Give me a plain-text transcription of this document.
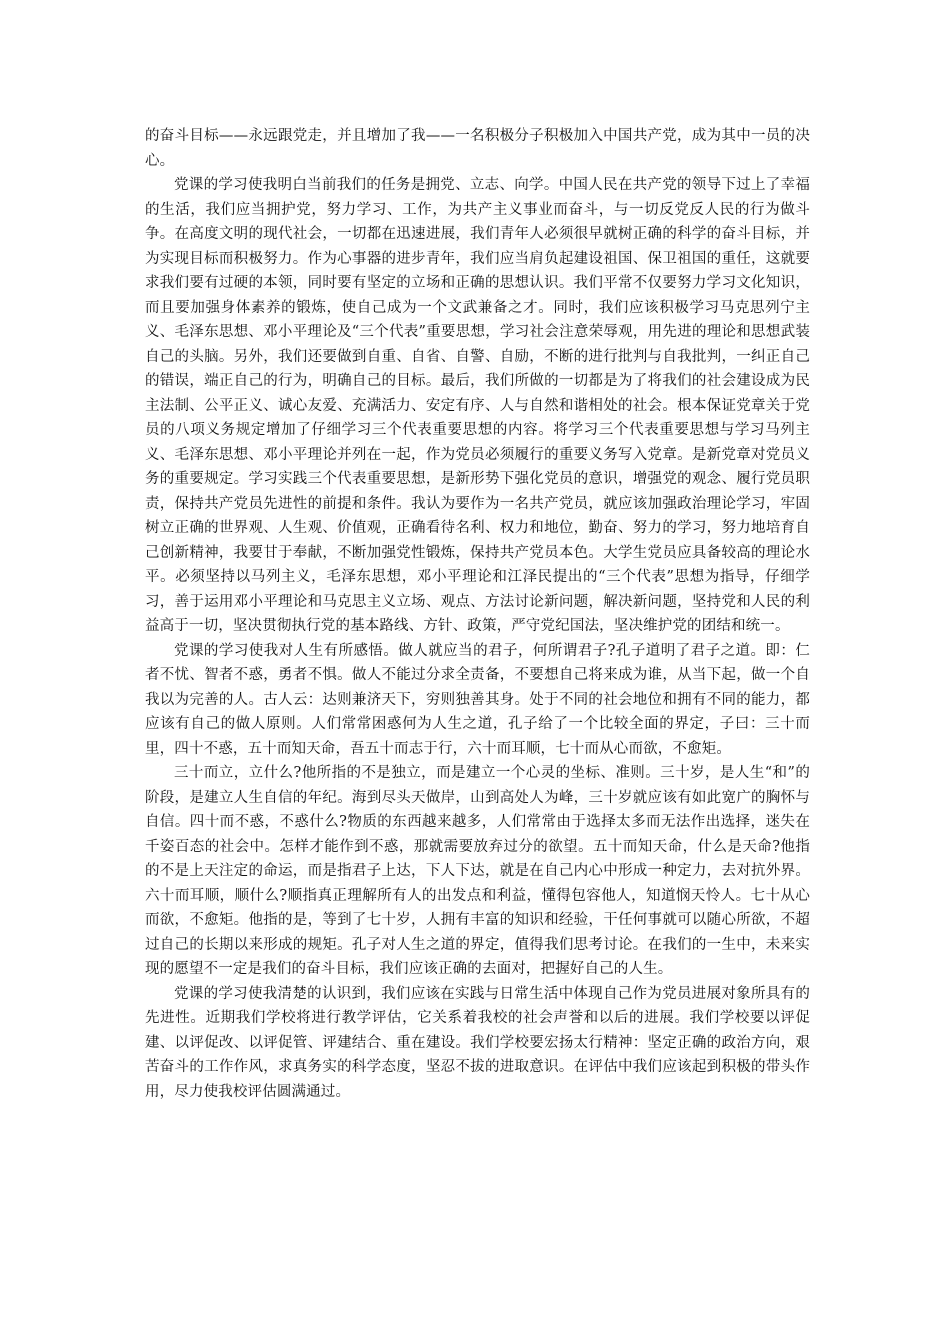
的奋斗目标——永远跟党走，并且增加了我——一名积极分子积极加入中国共产党，成为其中一员的决心。

党课的学习使我明白当前我们的任务是拥党、立志、向学。中国人民在共产党的领导下过上了幸福的生活，我们应当拥护党，努力学习、工作，为共产主义事业而奋斗，与一切反党反人民的行为做斗争。在高度文明的现代社会，一切都在迅速进展，我们青年人必须很早就树正确的科学的奋斗目标，并为实现目标而积极努力。作为心事器的进步青年，我们应当肩负起建设祖国、保卫祖国的重任，这就要求我们要有过硬的本领，同时要有坚定的立场和正确的思想认识。我们平常不仅要努力学习文化知识，而且要加强身体素养的锻炼，使自己成为一个文武兼备之才。同时，我们应该积极学习马克思列宁主义、毛泽东思想、邓小平理论及“三个代表”重要思想，学习社会注意荣辱观，用先进的理论和思想武装自己的头脑。另外，我们还要做到自重、自省、自警、自励，不断的进行批判与自我批判，一纠正自己的错误，端正自己的行为，明确自己的目标。最后，我们所做的一切都是为了将我们的社会建设成为民主法制、公平正义、诚心友爱、充满活力、安定有序、人与自然和谐相处的社会。根本保证党章关于党员的八项义务规定增加了仔细学习三个代表重要思想的内容。将学习三个代表重要思想与学习马列主义、毛泽东思想、邓小平理论并列在一起，作为党员必须履行的重要义务写入党章。是新党章对党员义务的重要规定。学习实践三个代表重要思想，是新形势下强化党员的意识，增强党的观念、履行党员职责，保持共产党员先进性的前提和条件。我认为要作为一名共产党员，就应该加强政治理论学习，牢固树立正确的世界观、人生观、价值观，正确看待名利、权力和地位，勤奋、努力的学习，努力地培育自己创新精神，我要甘于奉献，不断加强党性锻炼，保持共产党员本色。大学生党员应具备较高的理论水平。必须坚持以马列主义，毛泽东思想，邓小平理论和江泽民提出的“三个代表”思想为指导，仔细学习，善于运用邓小平理论和马克思主义立场、观点、方法讨论新问题，解决新问题，坚持党和人民的利益高于一切，坚决贯彻执行党的基本路线、方针、政策，严守党纪国法，坚决维护党的团结和统一。

党课的学习使我对人生有所感悟。做人就应当的君子，何所谓君子?孔子道明了君子之道。即：仁者不忧、智者不惑，勇者不惧。做人不能过分求全责备，不要想自己将来成为谁，从当下起，做一个自我以为完善的人。古人云：达则兼济天下，穷则独善其身。处于不同的社会地位和拥有不同的能力，都应该有自己的做人原则。人们常常困惑何为人生之道，孔子给了一个比较全面的界定，子曰：三十而里，四十不惑，五十而知天命，吾五十而志于行，六十而耳顺，七十而从心而欲，不愈矩。

三十而立，立什么?他所指的不是独立，而是建立一个心灵的坐标、准则。三十岁，是人生“和”的阶段，是建立人生自信的年纪。海到尽头天做岸，山到高处人为峰，三十岁就应该有如此宽广的胸怀与自信。四十而不惑，不惑什么?物质的东西越来越多，人们常常由于选择太多而无法作出选择，迷失在千姿百态的社会中。怎样才能作到不惑，那就需要放弃过分的欲望。五十而知天命，什么是天命?他指的不是上天注定的命运，而是指君子上达，下人下达，就是在自己内心中形成一种定力，去对抗外界。六十而耳顺，顺什么?顺指真正理解所有人的出发点和利益，懂得包容他人，知道悯天怜人。七十从心而欲，不愈矩。他指的是，等到了七十岁，人拥有丰富的知识和经验，干任何事就可以随心所欲，不超过自己的长期以来形成的规矩。孔子对人生之道的界定，值得我们思考讨论。在我们的一生中，未来实现的愿望不一定是我们的奋斗目标，我们应该正确的去面对，把握好自己的人生。

党课的学习使我清楚的认识到，我们应该在实践与日常生活中体现自己作为党员进展对象所具有的先进性。近期我们学校将进行教学评估，它关系着我校的社会声誉和以后的进展。我们学校要以评促建、以评促改、以评促管、评建结合、重在建设。我们学校要宏扬太行精神：坚定正确的政治方向，艰苦奋斗的工作作风，求真务实的科学态度，坚忍不拔的进取意识。在评估中我们应该起到积极的带头作用，尽力使我校评估圆满通过。
